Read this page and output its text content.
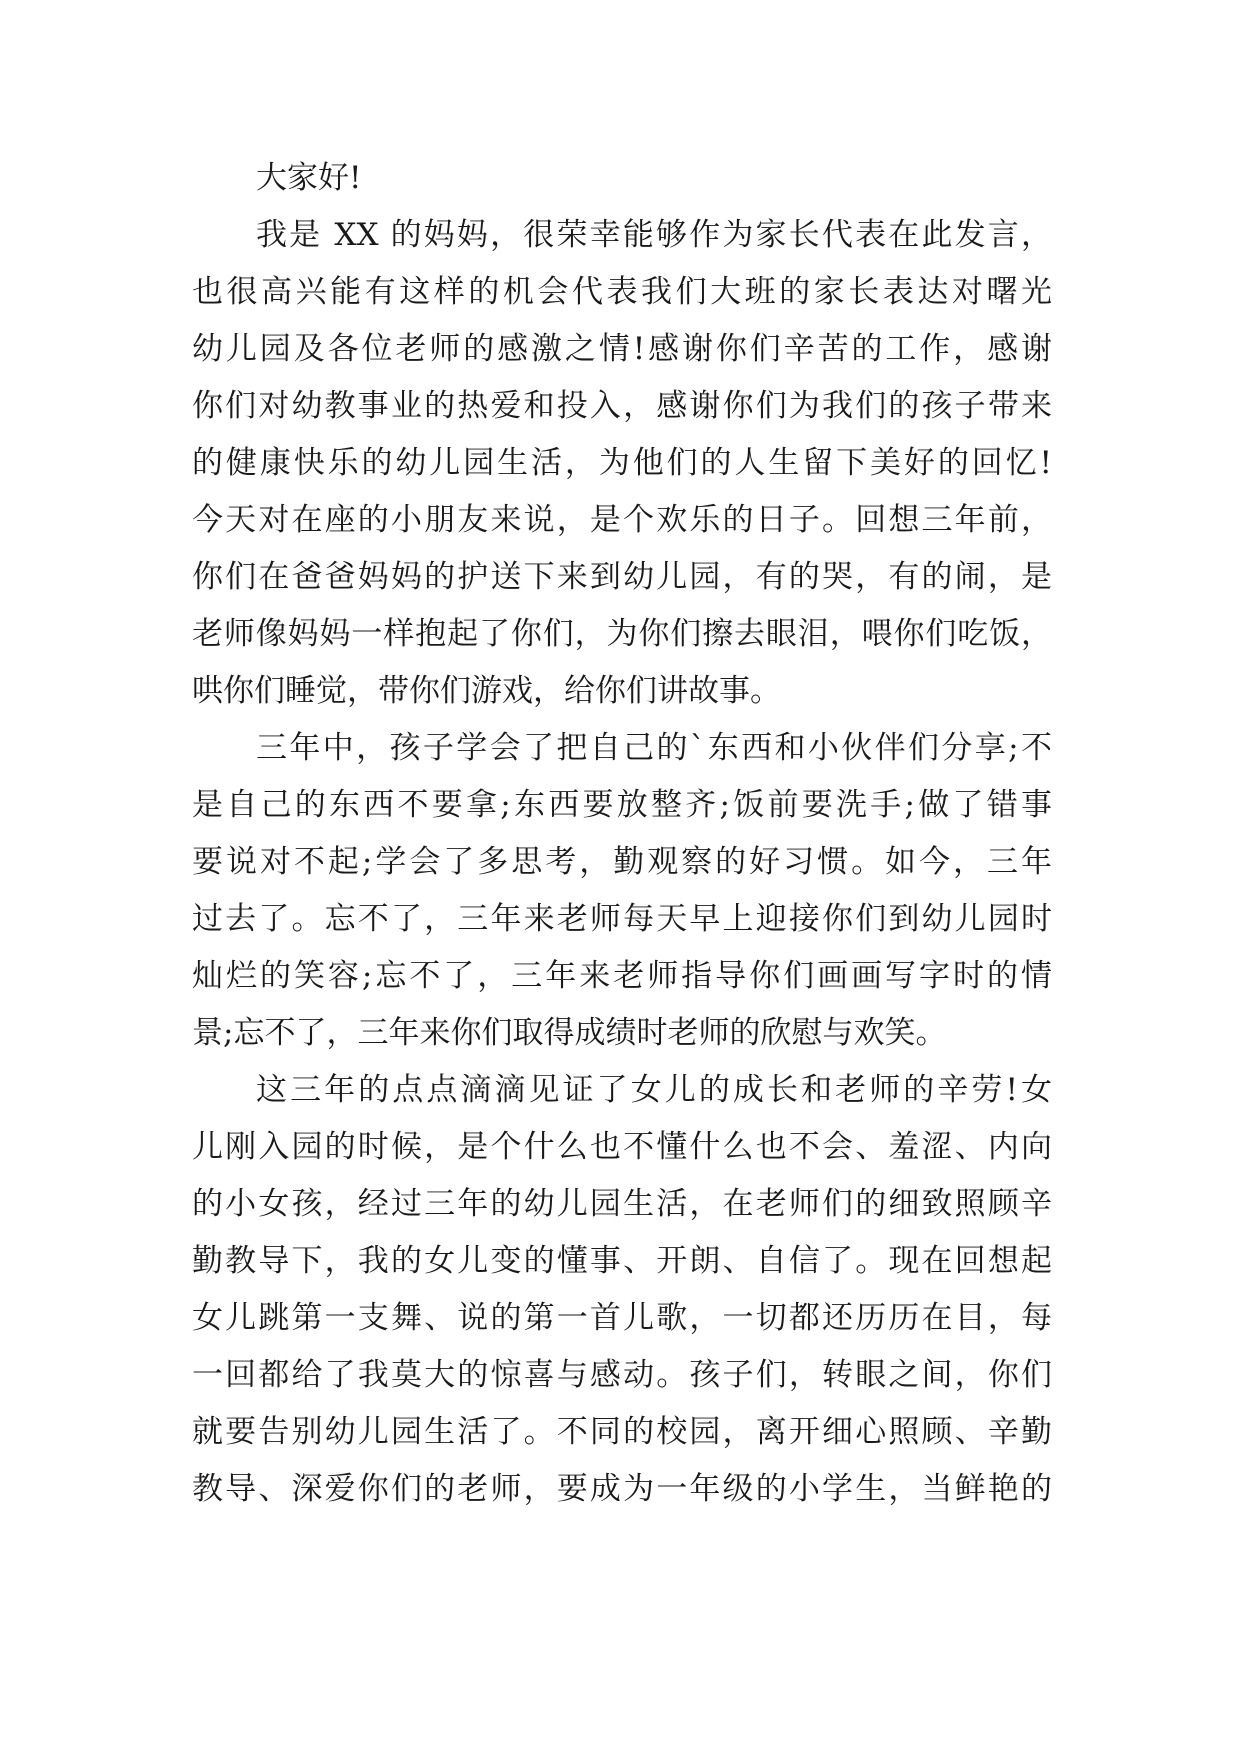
大家好!
我是 XX 的妈妈，很荣幸能够作为家长代表在此发言，
也很高兴能有这样的机会代表我们大班的家长表达对曙光
幼儿园及各位老师的感激之情!感谢你们辛苦的工作，感谢
你们对幼教事业的热爱和投入，感谢你们为我们的孩子带来
的健康快乐的幼儿园生活，为他们的人生留下美好的回忆!
今天对在座的小朋友来说，是个欢乐的日子。回想三年前，
你们在爸爸妈妈的护送下来到幼儿园，有的哭，有的闹，是
老师像妈妈一样抱起了你们，为你们擦去眼泪，喂你们吃饭，
哄你们睡觉，带你们游戏，给你们讲故事。
三年中，孩子学会了把自己的`东西和小伙伴们分享;不
是自己的东西不要拿;东西要放整齐;饭前要洗手;做了错事
要说对不起;学会了多思考，勤观察的好习惯。如今，三年
过去了。忘不了，三年来老师每天早上迎接你们到幼儿园时
灿烂的笑容;忘不了，三年来老师指导你们画画写字时的情
景;忘不了，三年来你们取得成绩时老师的欣慰与欢笑。
这三年的点点滴滴见证了女儿的成长和老师的辛劳!女
儿刚入园的时候，是个什么也不懂什么也不会、羞涩、内向
的小女孩，经过三年的幼儿园生活，在老师们的细致照顾辛
勤教导下，我的女儿变的懂事、开朗、自信了。现在回想起
女儿跳第一支舞、说的第一首儿歌，一切都还历历在目，每
一回都给了我莫大的惊喜与感动。孩子们，转眼之间，你们
就要告别幼儿园生活了。不同的校园，离开细心照顾、辛勤
教导、深爱你们的老师，要成为一年级的小学生，当鲜艳的
